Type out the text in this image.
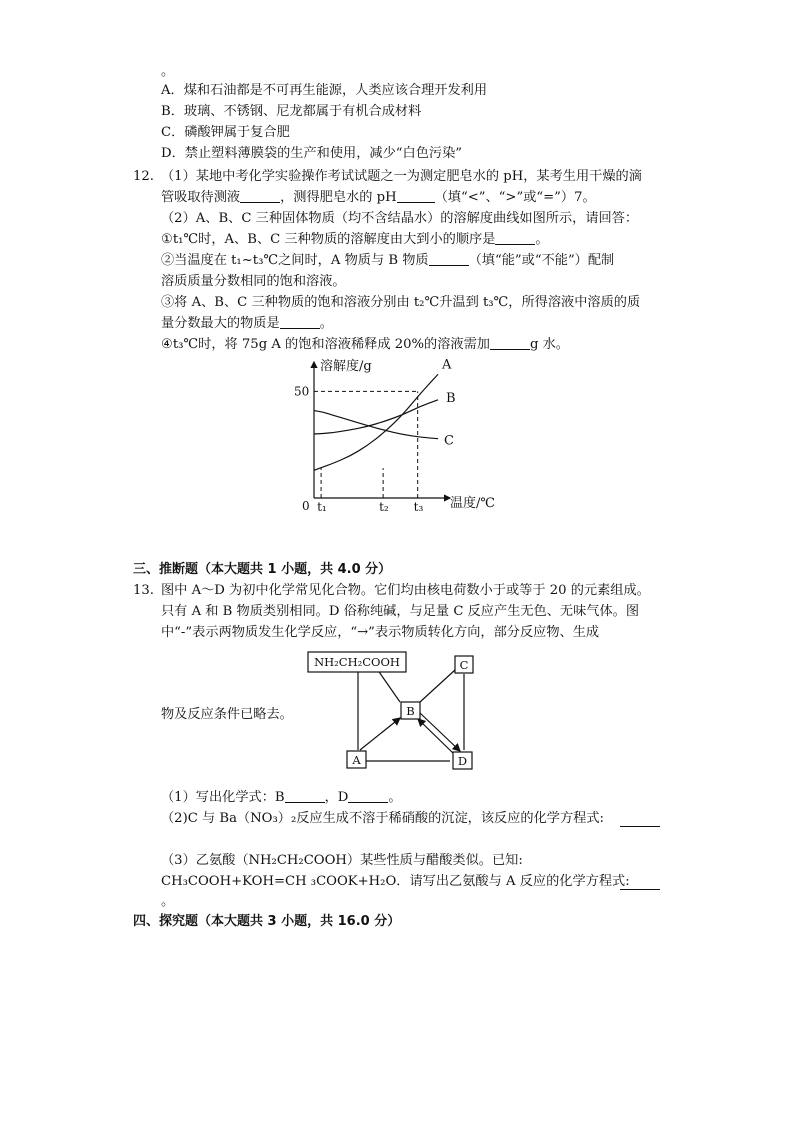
。
A．煤和石油都是不可再生能源，人类应该合理开发利用
B．玻璃、不锈钢、尼龙都属于有机合成材料
C．磷酸钾属于复合肥
D．禁止塑料薄膜袋的生产和使用，减少“白色污染”
12. （1）某地中考化学实验操作考试试题之一为测定肥皂水的 pH，某考生用干燥的滴
管吸取待测液	，测得肥皂水的 pH	（填“<”、“>”或“=”）7。
（2）A、B、C 三种固体物质（均不含结晶水）的溶解度曲线如图所示，请回答：
①t₁℃时，A、B、C 三种物质的溶解度由大到小的顺序是	。
②当温度在 t₁~t₃℃之间时，A 物质与 B 物质	（填“能”或“不能”）配制
溶质质量分数相同的饱和溶液。
③将 A、B、C 三种物质的饱和溶液分别由 t₂℃升温到 t₃℃，所得溶液中溶质的质
量分数最大的物质是	。
④t₃℃时，将 75g A 的饱和溶液稀释成 20%的溶液需加	g 水。
溶解度/g
温度/℃
0
50
t₁	t₂ t₃
A
B
C
三、推断题（本大题共 1 小题，共 4.0 分）
13. 图中 A～D 为初中化学常见化合物。它们均由核电荷数小于或等于 20 的元素组成。
只有 A 和 B 物质类别相同。D 俗称纯碱，与足量 C 反应产生无色、无味气体。图
中“-”表示两物质发生化学反应，“→”表示物质转化方向，部分反应物、生成
物及反应条件已略去。
NH₂CH₂COOH
B
C
A	D
（1）写出化学式：B	，D	。
（2)C 与 Ba（NO₃）₂反应生成不溶于稀硝酸的沉淀，该反应的化学方程式:
（3）乙氨酸（NH₂CH₂COOH）某些性质与醋酸类似。已知:
CH₃COOH+KOH=CH ₃COOK+H₂O．请写出乙氨酸与 A 反应的化学方程式:
。
四、探究题（本大题共 3 小题，共 16.0 分）
